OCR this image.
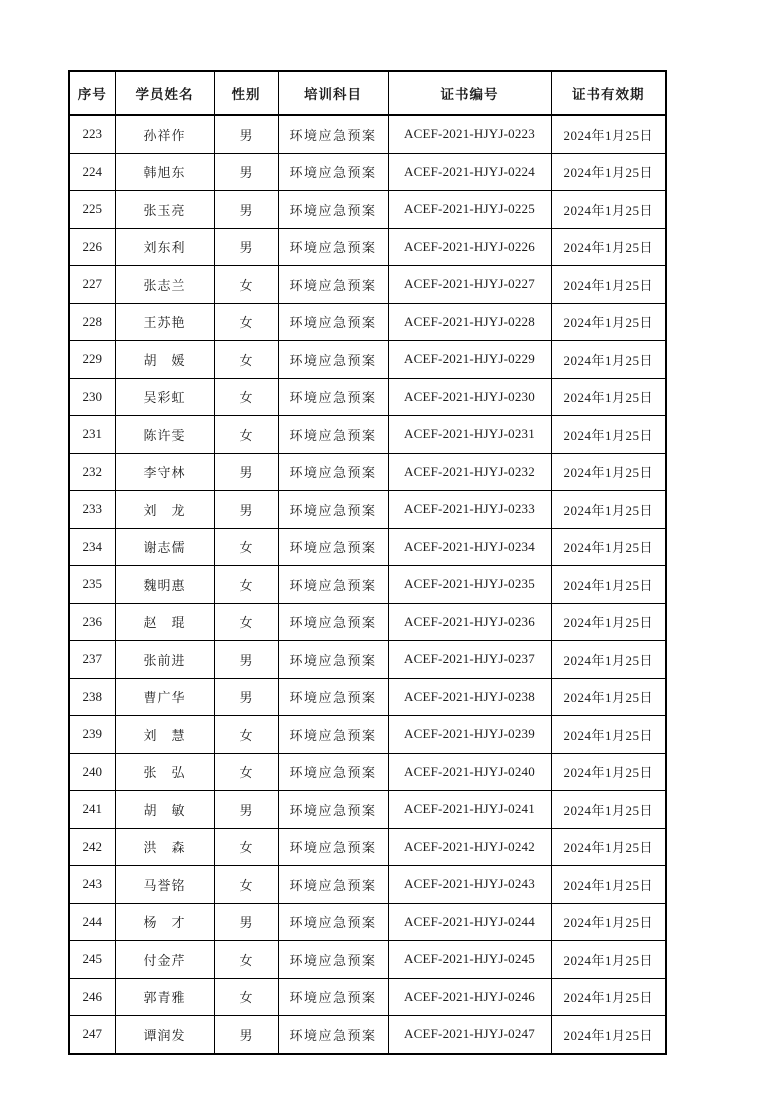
序号	学员姓名	性别	培训科目	证书编号	证书有效期
223	孙祥作	男	环境应急预案	ACEF-2021-HJYJ-0223	2024年1月25日
224	韩旭东	男	环境应急预案	ACEF-2021-HJYJ-0224	2024年1月25日
225	张玉亮	男	环境应急预案	ACEF-2021-HJYJ-0225	2024年1月25日
226	刘东利	男	环境应急预案	ACEF-2021-HJYJ-0226	2024年1月25日
227	张志兰	女	环境应急预案	ACEF-2021-HJYJ-0227	2024年1月25日
228	王苏艳	女	环境应急预案	ACEF-2021-HJYJ-0228	2024年1月25日
229	胡　媛	女	环境应急预案	ACEF-2021-HJYJ-0229	2024年1月25日
230	吴彩虹	女	环境应急预案	ACEF-2021-HJYJ-0230	2024年1月25日
231	陈许雯	女	环境应急预案	ACEF-2021-HJYJ-0231	2024年1月25日
232	李守林	男	环境应急预案	ACEF-2021-HJYJ-0232	2024年1月25日
233	刘　龙	男	环境应急预案	ACEF-2021-HJYJ-0233	2024年1月25日
234	谢志儒	女	环境应急预案	ACEF-2021-HJYJ-0234	2024年1月25日
235	魏明惠	女	环境应急预案	ACEF-2021-HJYJ-0235	2024年1月25日
236	赵　琨	女	环境应急预案	ACEF-2021-HJYJ-0236	2024年1月25日
237	张前进	男	环境应急预案	ACEF-2021-HJYJ-0237	2024年1月25日
238	曹广华	男	环境应急预案	ACEF-2021-HJYJ-0238	2024年1月25日
239	刘　慧	女	环境应急预案	ACEF-2021-HJYJ-0239	2024年1月25日
240	张　弘	女	环境应急预案	ACEF-2021-HJYJ-0240	2024年1月25日
241	胡　敏	男	环境应急预案	ACEF-2021-HJYJ-0241	2024年1月25日
242	洪　森	女	环境应急预案	ACEF-2021-HJYJ-0242	2024年1月25日
243	马誉铭	女	环境应急预案	ACEF-2021-HJYJ-0243	2024年1月25日
244	杨　才	男	环境应急预案	ACEF-2021-HJYJ-0244	2024年1月25日
245	付金芹	女	环境应急预案	ACEF-2021-HJYJ-0245	2024年1月25日
246	郭青雅	女	环境应急预案	ACEF-2021-HJYJ-0246	2024年1月25日
247	谭润发	男	环境应急预案	ACEF-2021-HJYJ-0247	2024年1月25日
